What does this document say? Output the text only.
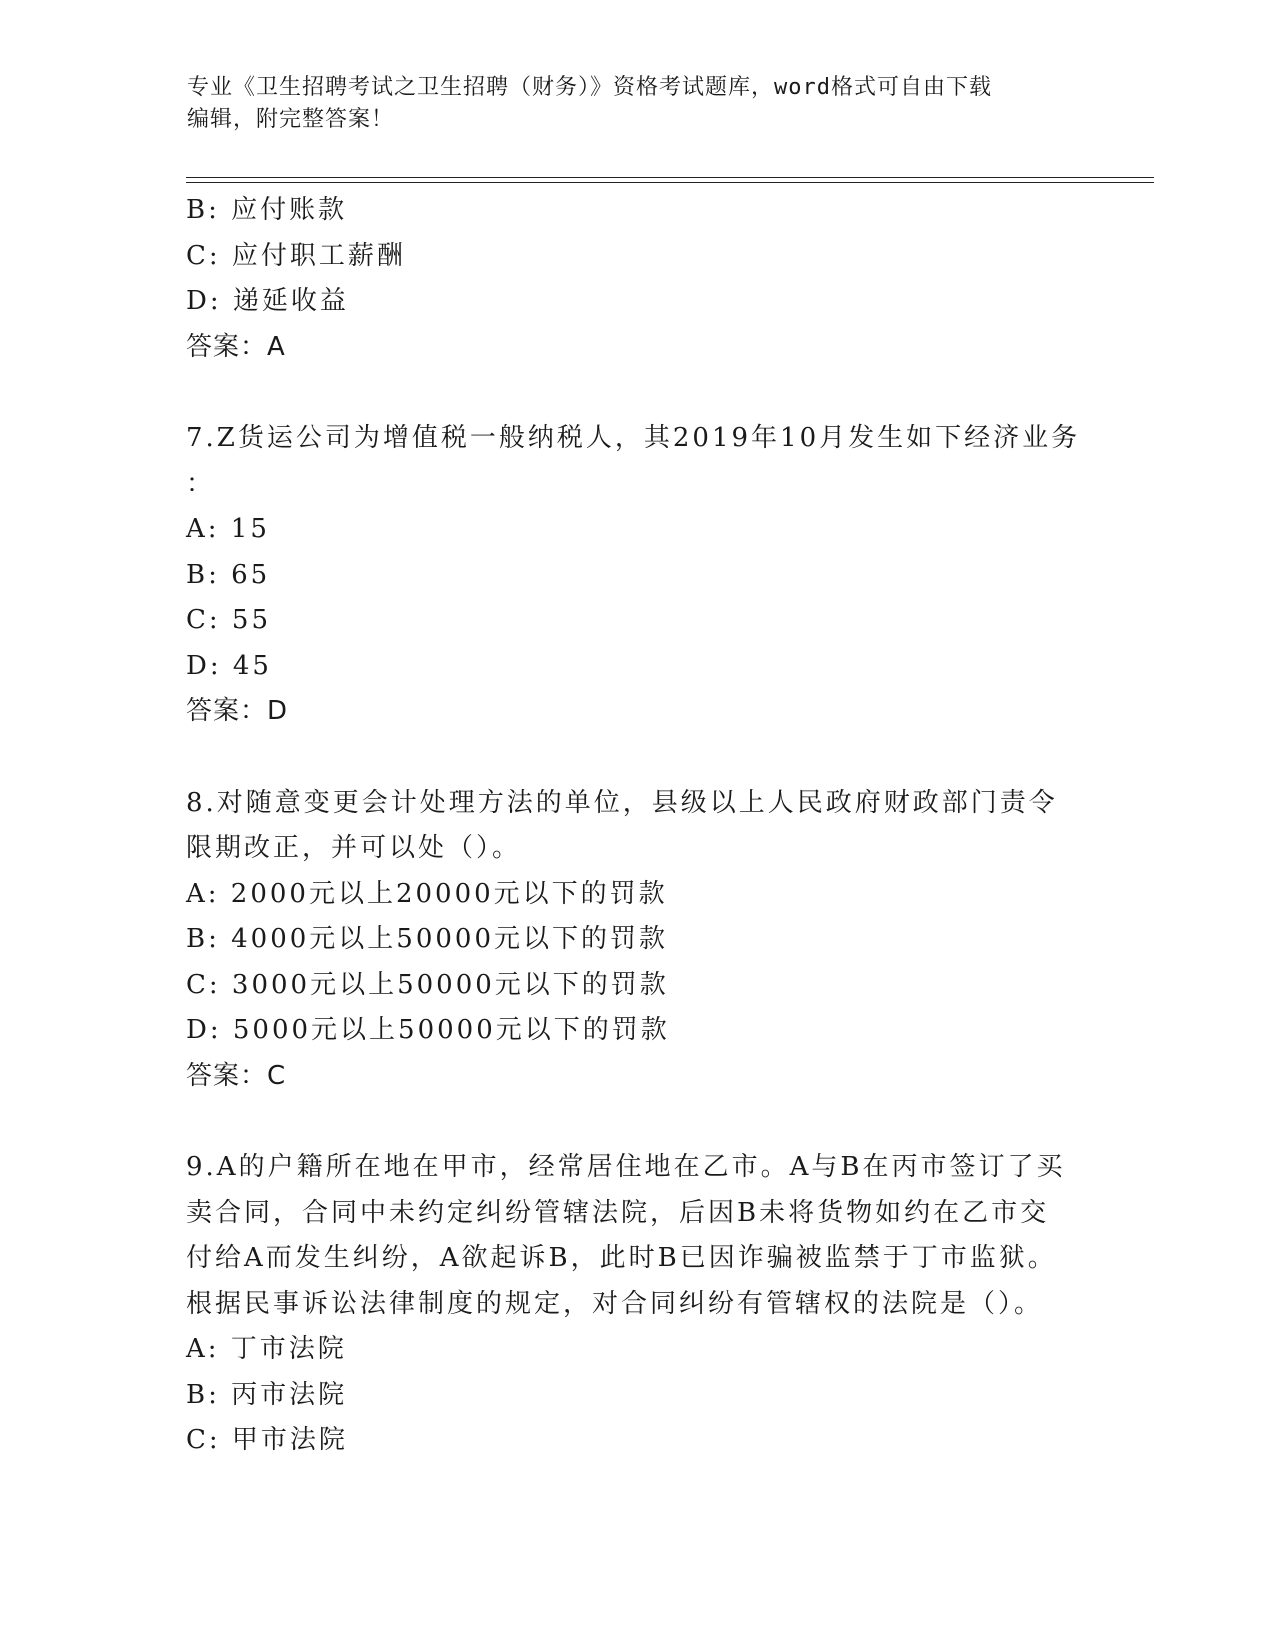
专业《卫生招聘考试之卫生招聘（财务）》资格考试题库，word格式可自由下载
编辑，附完整答案！
B: 应付账款
C: 应付职工薪酬
D: 递延收益
答案：A
7.Z货运公司为增值税一般纳税人，其2019年10月发生如下经济业务
：
A: 15
B: 65
C: 55
D: 45
答案：D
8.对随意变更会计处理方法的单位，县级以上人民政府财政部门责令
限期改正，并可以处（）。
A: 2000元以上20000元以下的罚款
B: 4000元以上50000元以下的罚款
C: 3000元以上50000元以下的罚款
D: 5000元以上50000元以下的罚款
答案：C
9.A的户籍所在地在甲市，经常居住地在乙市。A与B在丙市签订了买
卖合同，合同中未约定纠纷管辖法院，后因B未将货物如约在乙市交
付给A而发生纠纷，A欲起诉B，此时B已因诈骗被监禁于丁市监狱。
根据民事诉讼法律制度的规定，对合同纠纷有管辖权的法院是（）。
A: 丁市法院
B: 丙市法院
C: 甲市法院
